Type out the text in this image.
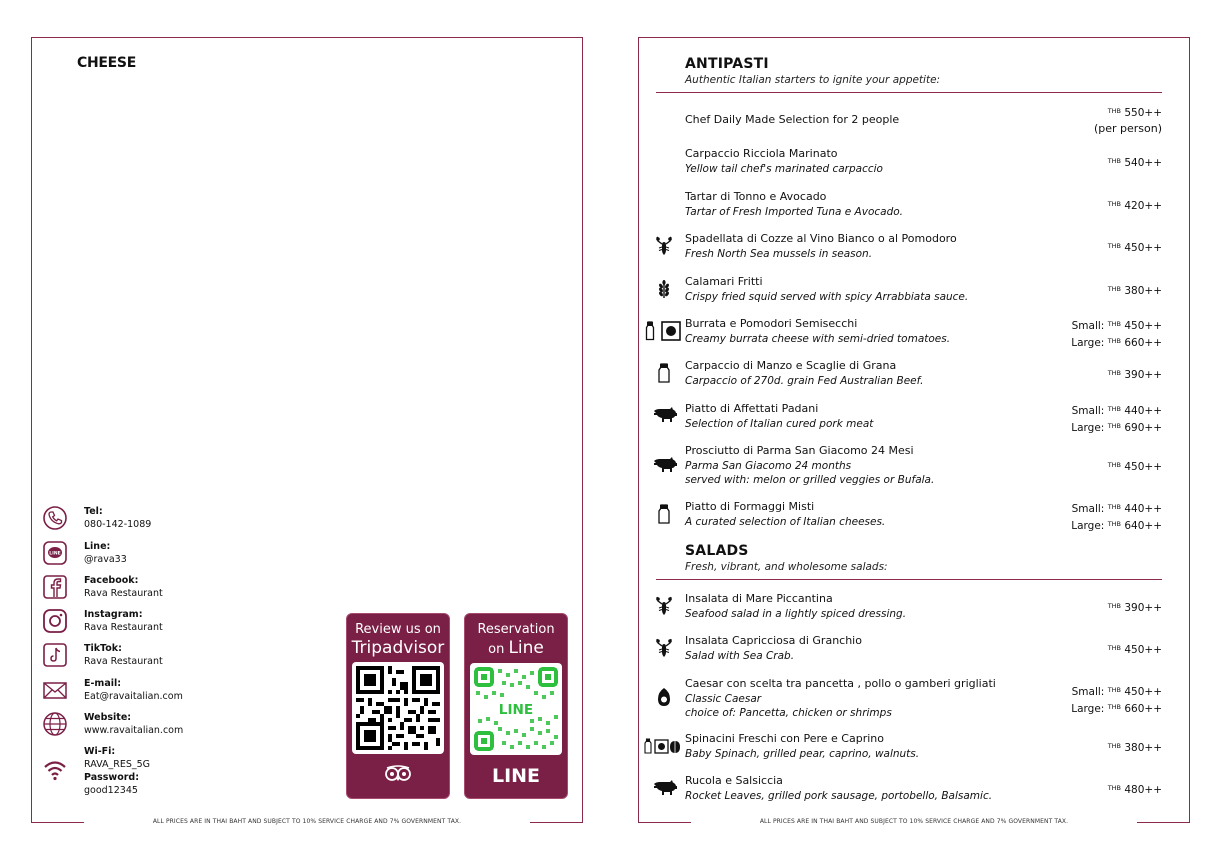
CHEESE
Tel:
080-142-1089
LINE
Line:
@rava33
Facebook:
Rava Restaurant
Instagram:
Rava Restaurant
TikTok:
Rava Restaurant
E-mail:
Eat@ravaitalian.com
Website:
www.ravaitalian.com
Wi-Fi:
RAVA_RES_5G
Password:
good12345
Review us on
Tripadvisor
Reservation
on Line
LINE
LINE
ALL PRICES ARE IN THAI BAHT AND SUBJECT TO 10% SERVICE CHARGE AND 7% GOVERNMENT TAX.
ANTIPASTI
Authentic Italian starters to ignite your appetite:
Chef Daily Made Selection for 2 people
$^{THB}$ 550++
(per person)
Carpaccio Ricciola Marinato
Yellow tail chef's marinated carpaccio
$^{THB}$ 540++
Tartar di Tonno e Avocado
Tartar of Fresh Imported Tuna e Avocado.
$^{THB}$ 420++
Spadellata di Cozze al Vino Bianco o al Pomodoro
Fresh North Sea mussels in season.
$^{THB}$ 450++
Calamari Fritti
Crispy fried squid served with spicy Arrabbiata sauce.
$^{THB}$ 380++
Burrata e Pomodori Semisecchi
Creamy burrata cheese with semi-dried tomatoes.
Small: $^{THB}$ 450++
Large: $^{THB}$ 660++
Carpaccio di Manzo e Scaglie di Grana
Carpaccio of 270d. grain Fed Australian Beef.
$^{THB}$ 390++
Piatto di Affettati Padani
Selection of Italian cured pork meat
Small: $^{THB}$ 440++
Large: $^{THB}$ 690++
Prosciutto di Parma San Giacomo 24 Mesi
Parma San Giacomo 24 months
served with: melon or grilled veggies or Bufala.
$^{THB}$ 450++
Piatto di Formaggi Misti
A curated selection of Italian cheeses.
Small: $^{THB}$ 440++
Large: $^{THB}$ 640++
SALADS
Fresh, vibrant, and wholesome salads:
Insalata di Mare Piccantina
Seafood salad in a lightly spiced dressing.
$^{THB}$ 390++
Insalata Capricciosa di Granchio
Salad with Sea Crab.
$^{THB}$ 450++
Caesar con scelta tra pancetta , pollo o gamberi grigliati
Classic Caesar
choice of: Pancetta, chicken or shrimps
Small: $^{THB}$ 450++
Large: $^{THB}$ 660++
Spinacini Freschi con Pere e Caprino
Baby Spinach, grilled pear, caprino, walnuts.
$^{THB}$ 380++
Rucola e Salsiccia
Rocket Leaves, grilled pork sausage, portobello, Balsamic.
$^{THB}$ 480++
ALL PRICES ARE IN THAI BAHT AND SUBJECT TO 10% SERVICE CHARGE AND 7% GOVERNMENT TAX.
